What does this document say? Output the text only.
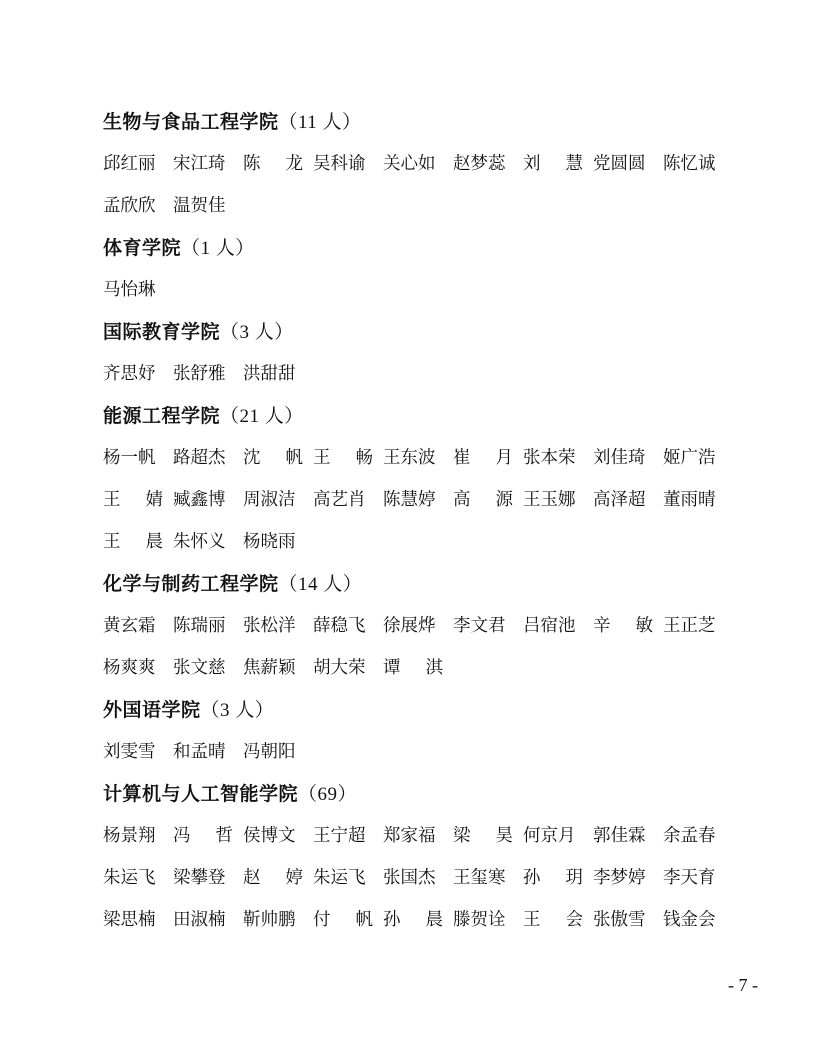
生物与食品工程学院（11 人）
邱红丽	宋江琦	陈 龙 吴科谕	关心如	赵梦蕊	刘 慧 党圆圆	陈忆诚
孟欣欣	温贺佳
体育学院（1 人）
马怡琳
国际教育学院（3 人）
齐思妤	张舒雅	洪甜甜
能源工程学院（21 人）
杨一帆	路超杰	沈 帆 王 畅 王东波	崔 月 张本荣	刘佳琦	姬广浩
王 婧 臧鑫博	周淑洁	高艺肖	陈慧婷	高 源 王玉娜	高泽超	董雨晴
王 晨 朱怀义	杨晓雨
化学与制药工程学院（14 人）
黄玄霜	陈瑞丽	张松洋	薛稳飞	徐展烨	李文君	吕宿池	辛 敏 王正芝
杨爽爽	张文慈	焦薪颖	胡大荣	谭 淇
外国语学院（3 人）
刘雯雪	和孟晴	冯朝阳
计算机与人工智能学院（69）
杨景翔	冯 哲 侯博文	王宁超	郑家福	梁 昊 何京月	郭佳霖	余孟春
朱运飞	梁攀登	赵 婷 朱运飞	张国杰	王玺寒	孙 玥 李梦婷	李天育
梁思楠	田淑楠	靳帅鹏	付 帆 孙 晨 滕贺诠	王 会 张傲雪	钱金会
- 7 -
